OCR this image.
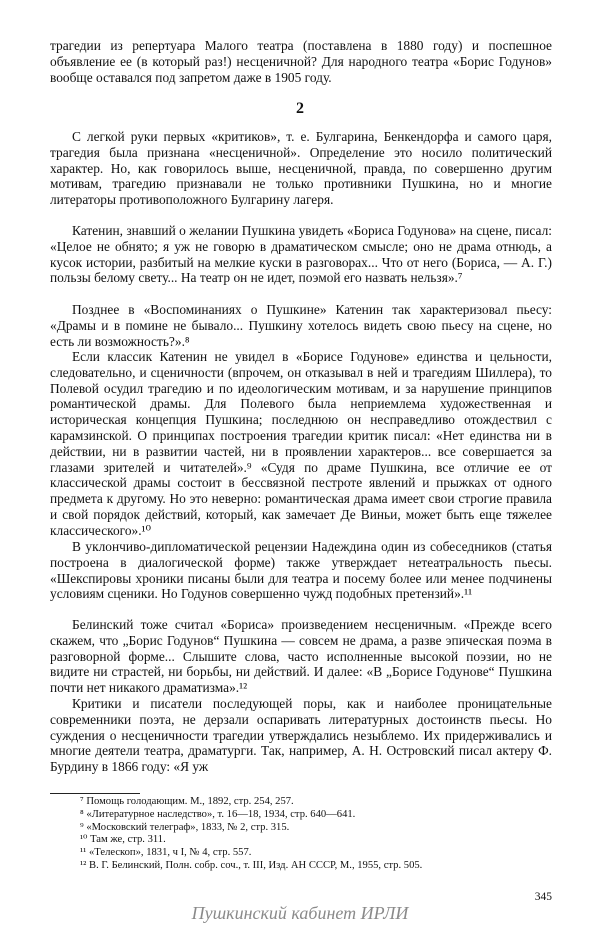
трагедии из репертуара Малого театра (поставлена в 1880 году) и поспешное объявление ее (в который раз!) несценичной? Для народного театра «Борис Годунов» вообще оставался под запретом даже в 1905 году.

2

С легкой руки первых «критиков», т. е. Булгарина, Бенкендорфа и самого царя, трагедия была признана «несценичной». Определение это носило политический характер. Но, как говорилось выше, несценичной, правда, по совершенно другим мотивам, трагедию признавали не только противники Пушкина, но и многие литераторы противоположного Булгарину лагеря.

Катенин, знавший о желании Пушкина увидеть «Бориса Годунова» на сцене, писал: «Целое не обнято; я уж не говорю в драматическом смысле; оно не драма отнюдь, а кусок истории, разбитый на мелкие куски в разговорах... Что от него (Бориса, — А. Г.) пользы белому свету... На театр он не идет, поэмой его назвать нельзя».⁷

Позднее в «Воспоминаниях о Пушкине» Катенин так характеризовал пьесу: «Драмы и в помине не бывало... Пушкину хотелось видеть свою пьесу на сцене, но есть ли возможность?».⁸

Если классик Катенин не увидел в «Борисе Годунове» единства и цельности, следовательно, и сценичности (впрочем, он отказывал в ней и трагедиям Шиллера), то Полевой осудил трагедию и по идеологическим мотивам, и за нарушение принципов романтической драмы. Для Полевого была неприемлема художественная и историческая концепция Пушкина; последнюю он несправедливо отождествил с карамзинской. О принципах построения трагедии критик писал: «Нет единства ни в действии, ни в развитии частей, ни в проявлении характеров... все совершается за глазами зрителей и читателей».⁹ «Судя по драме Пушкина, все отличие ее от классической драмы состоит в бессвязной пестроте явлений и прыжках от одного предмета к другому. Но это неверно: романтическая драма имеет свои строгие правила и свой порядок действий, который, как замечает Де Виньи, может быть еще тяжелее классического».¹⁰

В уклончиво-дипломатической рецензии Надеждина один из собеседников (статья построена в диалогической форме) также утверждает нетеатральность пьесы. «Шекспировы хроники писаны были для театра и посему более или менее подчинены условиям сценики. Но Годунов совершенно чужд подобных претензий».¹¹

Белинский тоже считал «Бориса» произведением несценичным. «Прежде всего скажем, что „Борис Годунов“ Пушкина — совсем не драма, а разве эпическая поэма в разговорной форме... Слышите слова, часто исполненные высокой поэзии, но не видите ни страстей, ни борьбы, ни действий. И далее: «В „Борисе Годунове“ Пушкина почти нет никакого драматизма».¹²

Критики и писатели последующей поры, как и наиболее проницательные современники поэта, не дерзали оспаривать литературных достоинств пьесы. Но суждения о несценичности трагедии утверждались незыблемо. Их придерживались и многие деятели театра, драматурги. Так, например, А. Н. Островский писал актеру Ф. Бурдину в 1866 году: «Я уж

⁷ Помощь голодающим. М., 1892, стр. 254, 257.
⁸ «Литературное наследство», т. 16—18, 1934, стр. 640—641.
⁹ «Московский телеграф», 1833, № 2, стр. 315.
¹⁰ Там же, стр. 311.
¹¹ «Телескоп», 1831, ч I, № 4, стр. 557.
¹² В. Г. Белинский, Полн. собр. соч., т. III, Изд. АН СССР, М., 1955, стр. 505.

345

Пушкинский кабинет ИРЛИ
